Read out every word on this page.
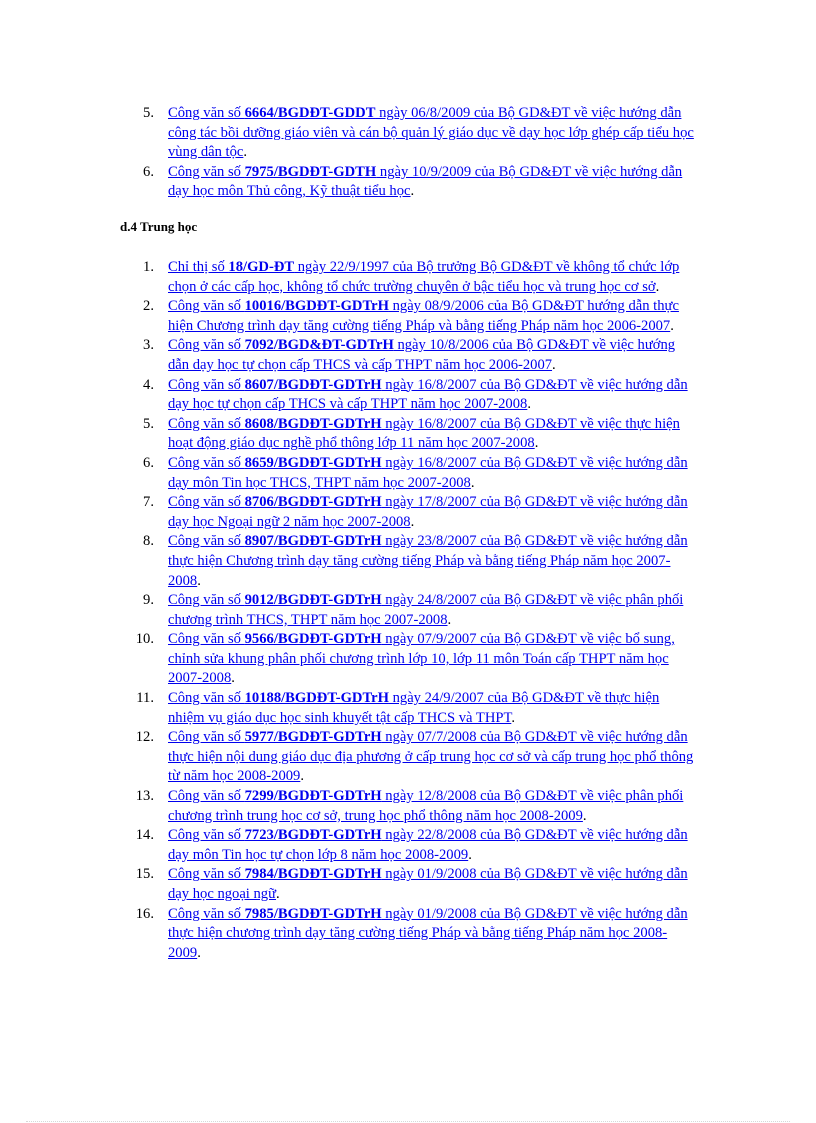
5. Công văn số 6664/BGDĐT-GDDT ngày 06/8/2009 của Bộ GD&ĐT về việc hướng dẫn công tác bồi dưỡng giáo viên và cán bộ quản lý giáo dục về dạy học lớp ghép cấp tiểu học vùng dân tộc.
6. Công văn số 7975/BGDĐT-GDTH ngày 10/9/2009 của Bộ GD&ĐT về việc hướng dẫn dạy học môn Thủ công, Kỹ thuật tiểu học.
d.4 Trung học
1. Chỉ thị số 18/GD-ĐT ngày 22/9/1997 của Bộ trưởng Bộ GD&ĐT về không tổ chức lớp chọn ở các cấp học, không tổ chức trường chuyên ở bậc tiểu học và trung học cơ sở.
2. Công văn số 10016/BGDĐT-GDTrH ngày 08/9/2006 của Bộ GD&ĐT hướng dẫn thực hiện Chương trình dạy tăng cường tiếng Pháp và bằng tiếng Pháp năm học 2006-2007.
3. Công văn số 7092/BGD&ĐT-GDTrH ngày 10/8/2006 của Bộ GD&ĐT về việc hướng dẫn dạy học tự chọn cấp THCS và cấp THPT năm học 2006-2007.
4. Công văn số 8607/BGDĐT-GDTrH ngày 16/8/2007 của Bộ GD&ĐT về việc hướng dẫn dạy học tự chọn cấp THCS và cấp THPT năm học 2007-2008.
5. Công văn số 8608/BGDĐT-GDTrH ngày 16/8/2007 của Bộ GD&ĐT về việc thực hiện hoạt động giáo dục nghề phổ thông lớp 11 năm học 2007-2008.
6. Công văn số 8659/BGDĐT-GDTrH ngày 16/8/2007 của Bộ GD&ĐT về việc hướng dẫn dạy môn Tin học THCS, THPT năm học 2007-2008.
7. Công văn số 8706/BGDĐT-GDTrH ngày 17/8/2007 của Bộ GD&ĐT về việc hướng dẫn dạy học Ngoại ngữ 2 năm học 2007-2008.
8. Công văn số 8907/BGDĐT-GDTrH ngày 23/8/2007 của Bộ GD&ĐT về việc hướng dẫn thực hiện Chương trình dạy tăng cường tiếng Pháp và bằng tiếng Pháp năm học 2007-2008.
9. Công văn số 9012/BGDĐT-GDTrH ngày 24/8/2007 của Bộ GD&ĐT về việc phân phối chương trình THCS, THPT năm học 2007-2008.
10. Công văn số 9566/BGDĐT-GDTrH ngày 07/9/2007 của Bộ GD&ĐT về việc bổ sung, chỉnh sửa khung phân phối chương trình lớp 10, lớp 11 môn Toán cấp THPT năm học 2007-2008.
11. Công văn số 10188/BGDĐT-GDTrH ngày 24/9/2007 của Bộ GD&ĐT về thực hiện nhiệm vụ giáo dục học sinh khuyết tật cấp THCS và THPT.
12. Công văn số 5977/BGDĐT-GDTrH ngày 07/7/2008 của Bộ GD&ĐT về việc hướng dẫn thực hiện nội dung giáo dục địa phương ở cấp trung học cơ sở và cấp trung học phổ thông từ năm học 2008-2009.
13. Công văn số 7299/BGDĐT-GDTrH ngày 12/8/2008 của Bộ GD&ĐT về việc phân phối chương trình trung học cơ sở, trung học phổ thông năm học 2008-2009.
14. Công văn số 7723/BGDĐT-GDTrH ngày 22/8/2008 của Bộ GD&ĐT về việc hướng dẫn dạy môn Tin học tự chọn lớp 8 năm học 2008-2009.
15. Công văn số 7984/BGDĐT-GDTrH ngày 01/9/2008 của Bộ GD&ĐT về việc hướng dẫn dạy học ngoại ngữ.
16. Công văn số 7985/BGDĐT-GDTrH ngày 01/9/2008 của Bộ GD&ĐT về việc hướng dẫn thực hiện chương trình dạy tăng cường tiếng Pháp và bằng tiếng Pháp năm học 2008-2009.
